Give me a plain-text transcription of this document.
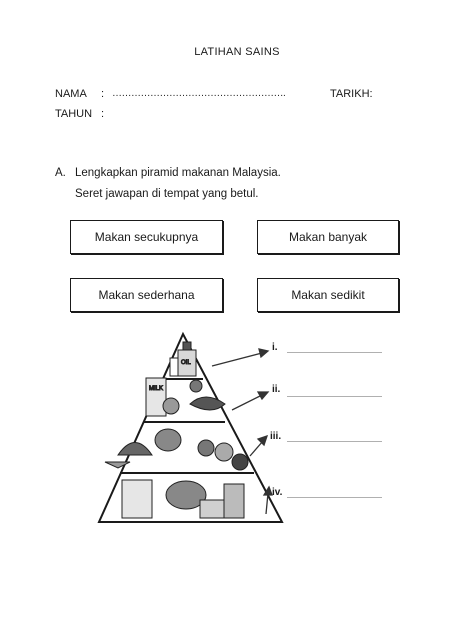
LATIHAN SAINS
NAMA : ……………………………………………….	TARIKH:
TAHUN :
A. Lengkapkan piramid makanan Malaysia.
Seret jawapan di tempat yang betul.
Makan secukupnya	Makan banyak
Makan sederhana	Makan sedikit
OIL
MILK
i.
ii.
iii.
iv.
